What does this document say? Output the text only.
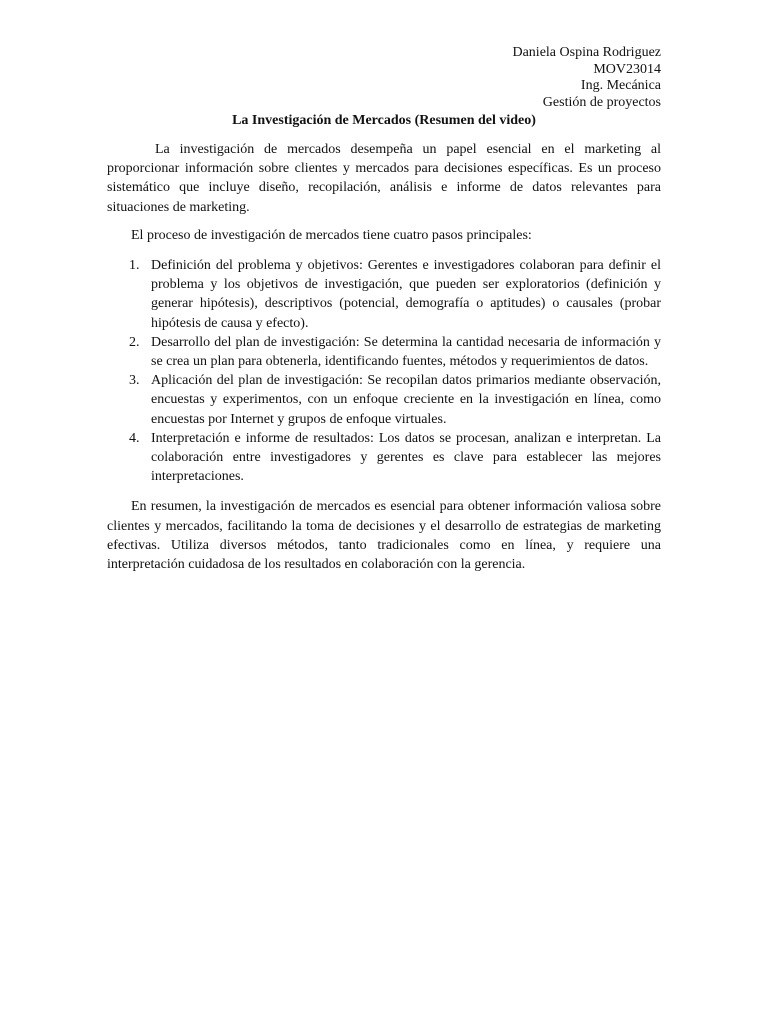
Daniela Ospina Rodriguez
MOV23014
Ing. Mecánica
Gestión de proyectos
La Investigación de Mercados (Resumen del video)

La investigación de mercados desempeña un papel esencial en el marketing al proporcionar información sobre clientes y mercados para decisiones específicas. Es un proceso sistemático que incluye diseño, recopilación, análisis e informe de datos relevantes para situaciones de marketing.

El proceso de investigación de mercados tiene cuatro pasos principales:

1. Definición del problema y objetivos: Gerentes e investigadores colaboran para definir el problema y los objetivos de investigación, que pueden ser exploratorios (definición y generar hipótesis), descriptivos (potencial, demografía o aptitudes) o causales (probar hipótesis de causa y efecto).
2. Desarrollo del plan de investigación: Se determina la cantidad necesaria de información y se crea un plan para obtenerla, identificando fuentes, métodos y requerimientos de datos.
3. Aplicación del plan de investigación: Se recopilan datos primarios mediante observación, encuestas y experimentos, con un enfoque creciente en la investigación en línea, como encuestas por Internet y grupos de enfoque virtuales.
4. Interpretación e informe de resultados: Los datos se procesan, analizan e interpretan. La colaboración entre investigadores y gerentes es clave para establecer las mejores interpretaciones.

En resumen, la investigación de mercados es esencial para obtener información valiosa sobre clientes y mercados, facilitando la toma de decisiones y el desarrollo de estrategias de marketing efectivas. Utiliza diversos métodos, tanto tradicionales como en línea, y requiere una interpretación cuidadosa de los resultados en colaboración con la gerencia.
